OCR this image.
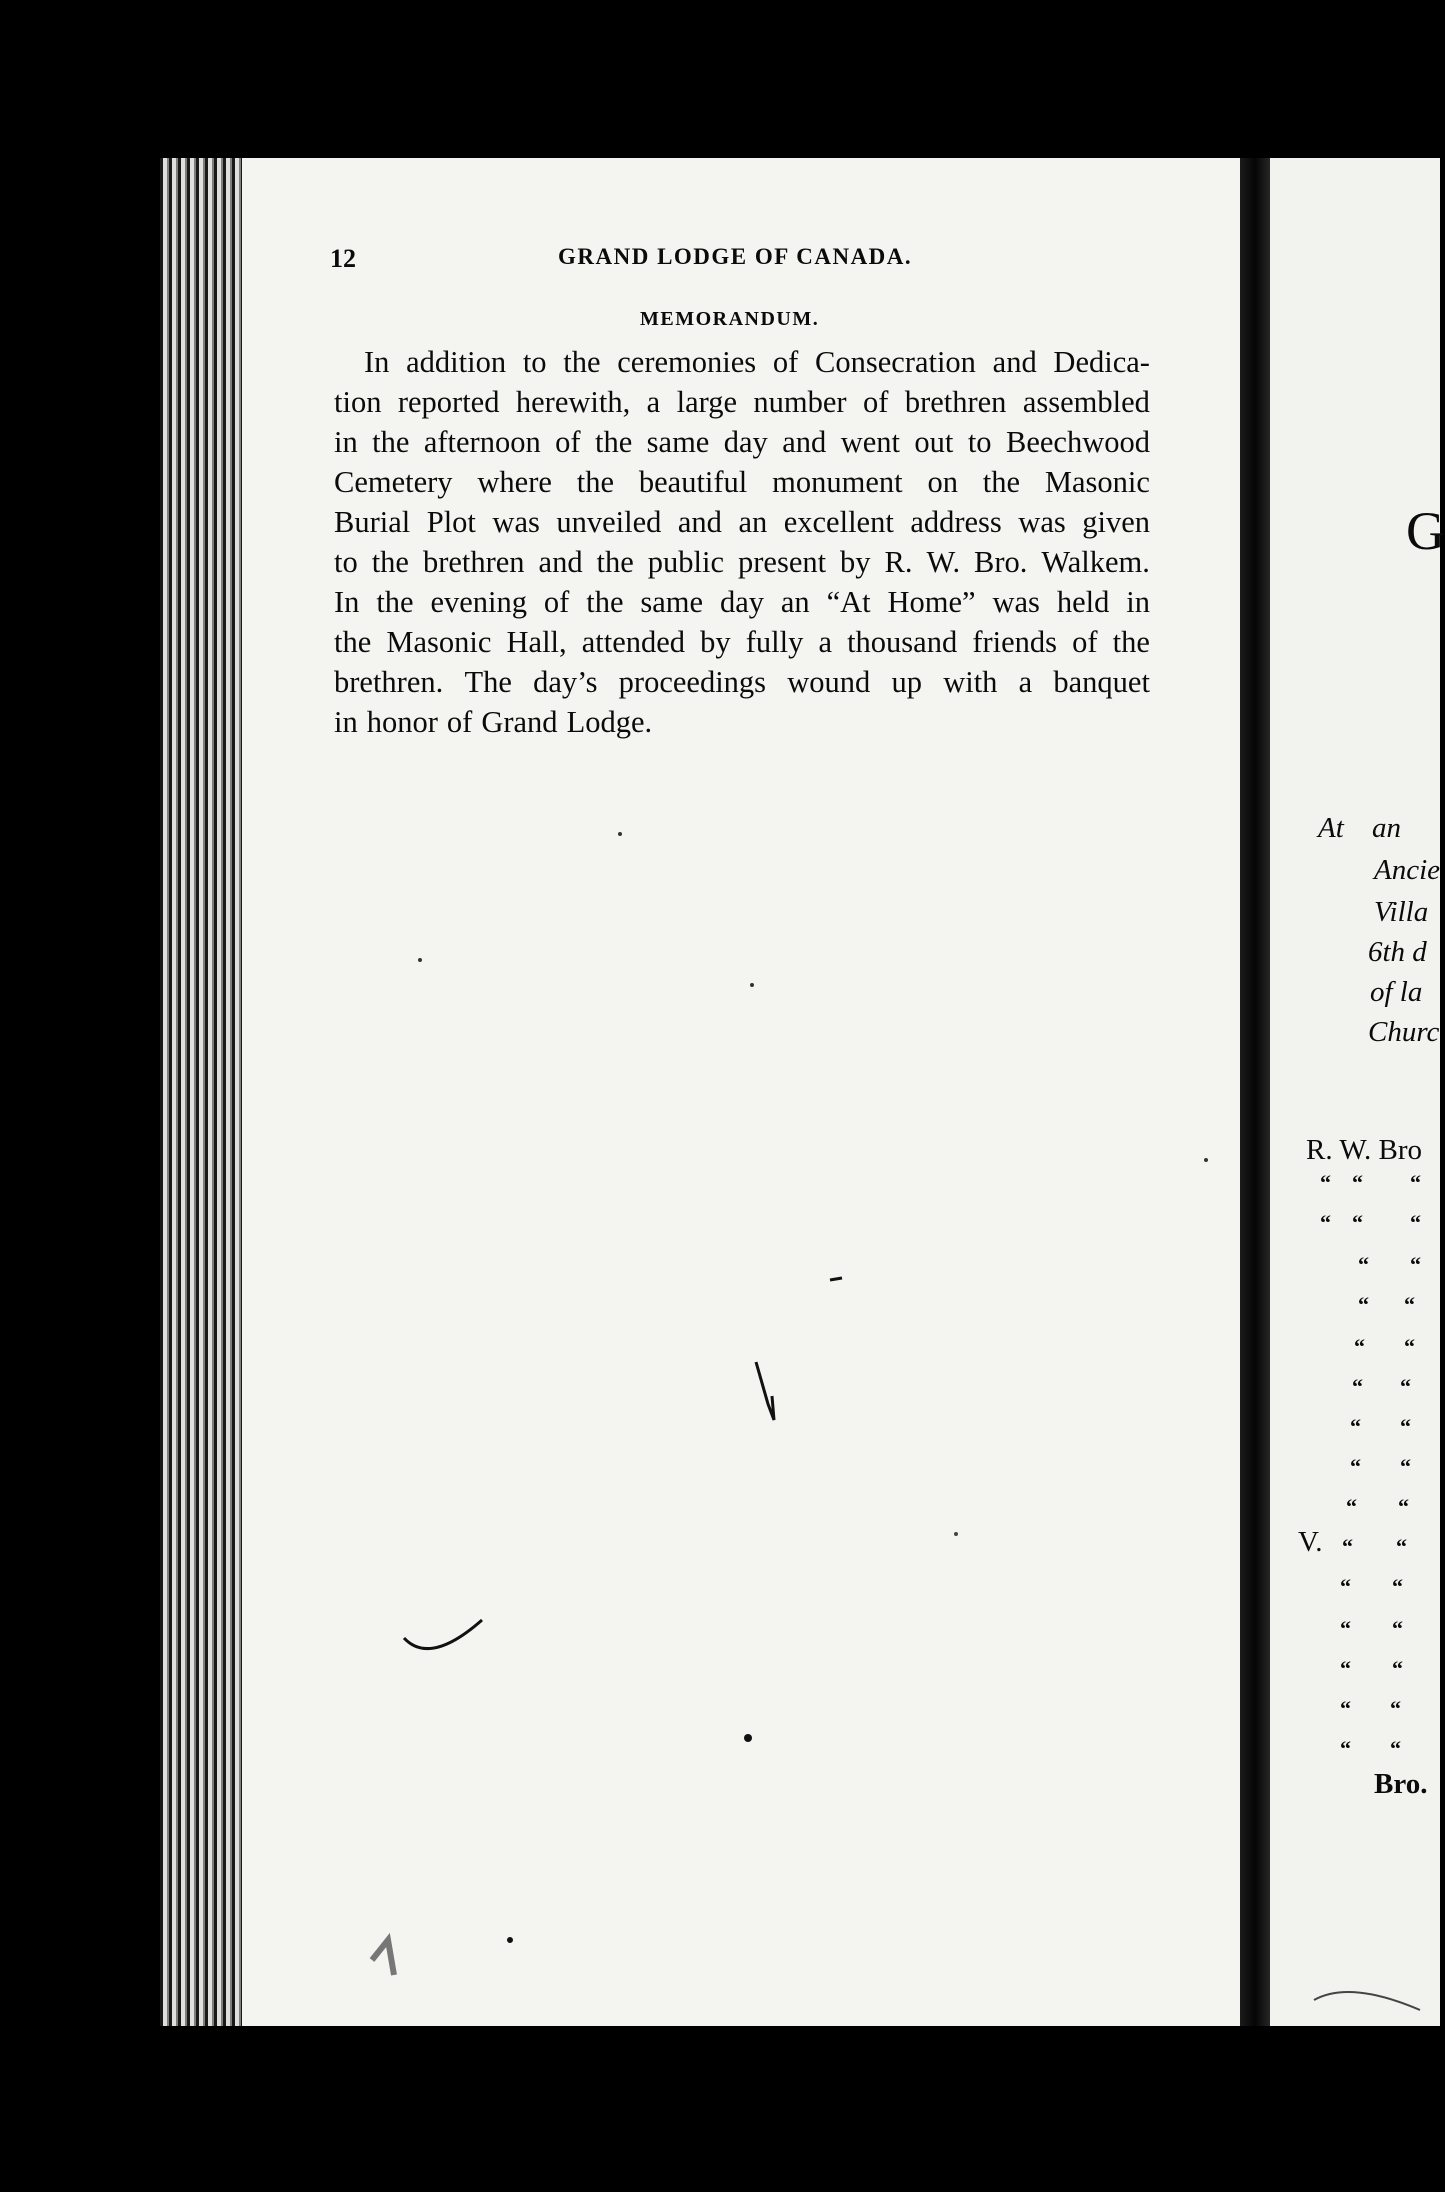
12	GRAND LODGE OF CANADA.
MEMORANDUM.
In addition to the ceremonies of Consecration and Dedica-
tion reported herewith, a large number of brethren assembled
in the afternoon of the same day and went out to Beechwood
Cemetery where the beautiful monument on the Masonic
Burial Plot was unveiled and an excellent address was given
to the brethren and the public present by R. W. Bro. Walkem.
In the evening of the same day an “At Home” was held in
the Masonic Hall, attended by fully a thousand friends of the
brethren. The day’s proceedings wound up with a banquet
in honor of Grand Lodge.
G
At an
Ancie
Villa
6th d
of la
Churc
R. W. Bro
V.
Bro.
“ “ “
“ “ “
“ “
“ “
“ “
“ “
“ “
“ “
“ “
“ “
“ “
“ “
“ “
“ “
“ “
